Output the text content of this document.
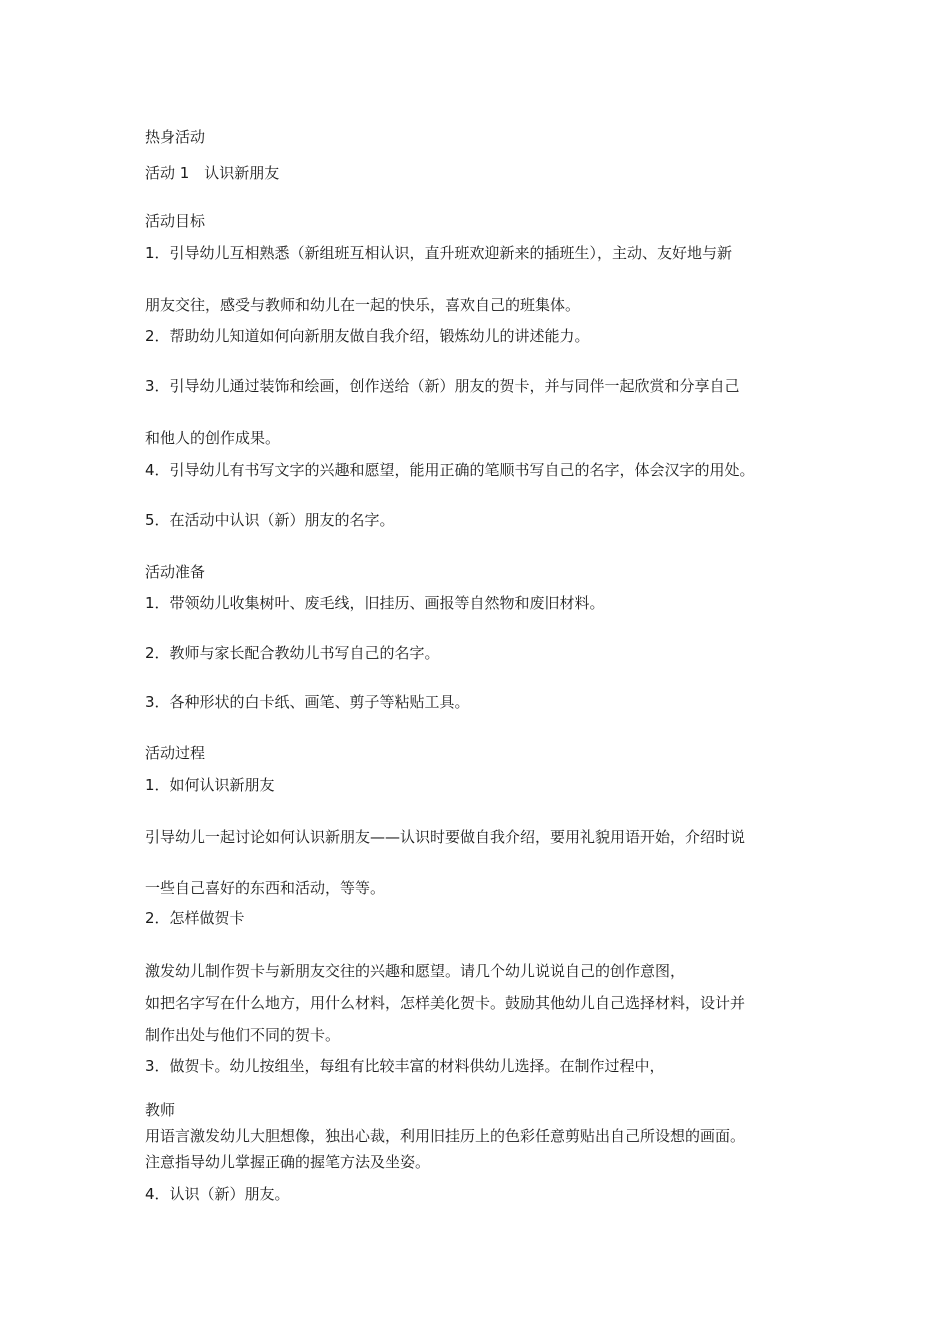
热身活动
活动 1　认识新朋友
活动目标
1．引导幼儿互相熟悉（新组班互相认识，直升班欢迎新来的插班生），主动、友好地与新
朋友交往，感受与教师和幼儿在一起的快乐，喜欢自己的班集体。
2．帮助幼儿知道如何向新朋友做自我介绍，锻炼幼儿的讲述能力。
3．引导幼儿通过装饰和绘画，创作送给（新）朋友的贺卡，并与同伴一起欣赏和分享自己
和他人的创作成果。
4．引导幼儿有书写文字的兴趣和愿望，能用正确的笔顺书写自己的名字，体会汉字的用处。
5．在活动中认识（新）朋友的名字。
活动准备
1．带领幼儿收集树叶、废毛线，旧挂历、画报等自然物和废旧材料。
2．教师与家长配合教幼儿书写自己的名字。
3．各种形状的白卡纸、画笔、剪子等粘贴工具。
活动过程
1．如何认识新朋友
引导幼儿一起讨论如何认识新朋友——认识时要做自我介绍，要用礼貌用语开始，介绍时说
一些自己喜好的东西和活动，等等。
2．怎样做贺卡
激发幼儿制作贺卡与新朋友交往的兴趣和愿望。请几个幼儿说说自己的创作意图，
如把名字写在什么地方，用什么材料，怎样美化贺卡。鼓励其他幼儿自己选择材料，设计并
制作出处与他们不同的贺卡。
3．做贺卡。幼儿按组坐，每组有比较丰富的材料供幼儿选择。在制作过程中，
教师
用语言激发幼儿大胆想像，独出心裁，利用旧挂历上的色彩任意剪贴出自己所设想的画面。
注意指导幼儿掌握正确的握笔方法及坐姿。
4．认识（新）朋友。
